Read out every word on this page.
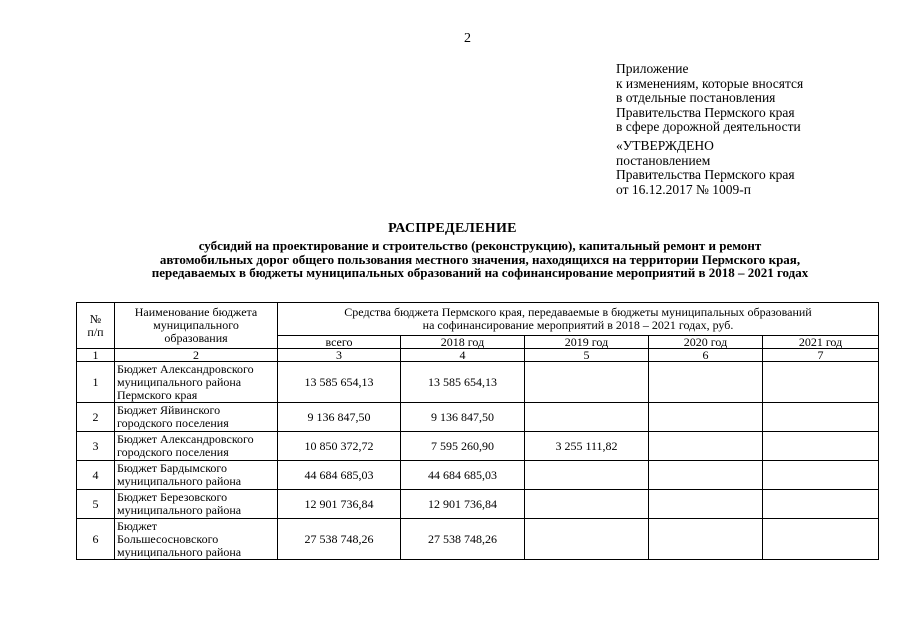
2
Приложение
к изменениям, которые вносятся
в отдельные постановления
Правительства Пермского края
в сфере дорожной деятельности
«УТВЕРЖДЕНО
постановлением
Правительства Пермского края
от 16.12.2017 № 1009-п
РАСПРЕДЕЛЕНИЕ
субсидий на проектирование и строительство (реконструкцию), капитальный ремонт и ремонт
автомобильных дорог общего пользования местного значения, находящихся на территории Пермского края,
передаваемых в бюджеты муниципальных образований на софинансирование мероприятий в 2018 – 2021 годах
№
п/п	Наименование бюджета
муниципального
образования	Средства бюджета Пермского края, передаваемые в бюджеты муниципальных образований
на софинансирование мероприятий в 2018 – 2021 годах, руб.				

		всего	2018 год	2019 год	2020 год	2021 год
1	2	3	4	5	6	7
1	Бюджет Александровского
муниципального района
Пермского края	13 585 654,13	13 585 654,13			
2	Бюджет Яйвинского
городского поселения	9 136 847,50	9 136 847,50			
3	Бюджет Александровского
городского поселения	10 850 372,72	7 595 260,90	3 255 111,82		
4	Бюджет Бардымского
муниципального района	44 684 685,03	44 684 685,03			
5	Бюджет Березовского
муниципального района	12 901 736,84	12 901 736,84			
6	Бюджет
Большесосновского
муниципального района	27 538 748,26	27 538 748,26			
